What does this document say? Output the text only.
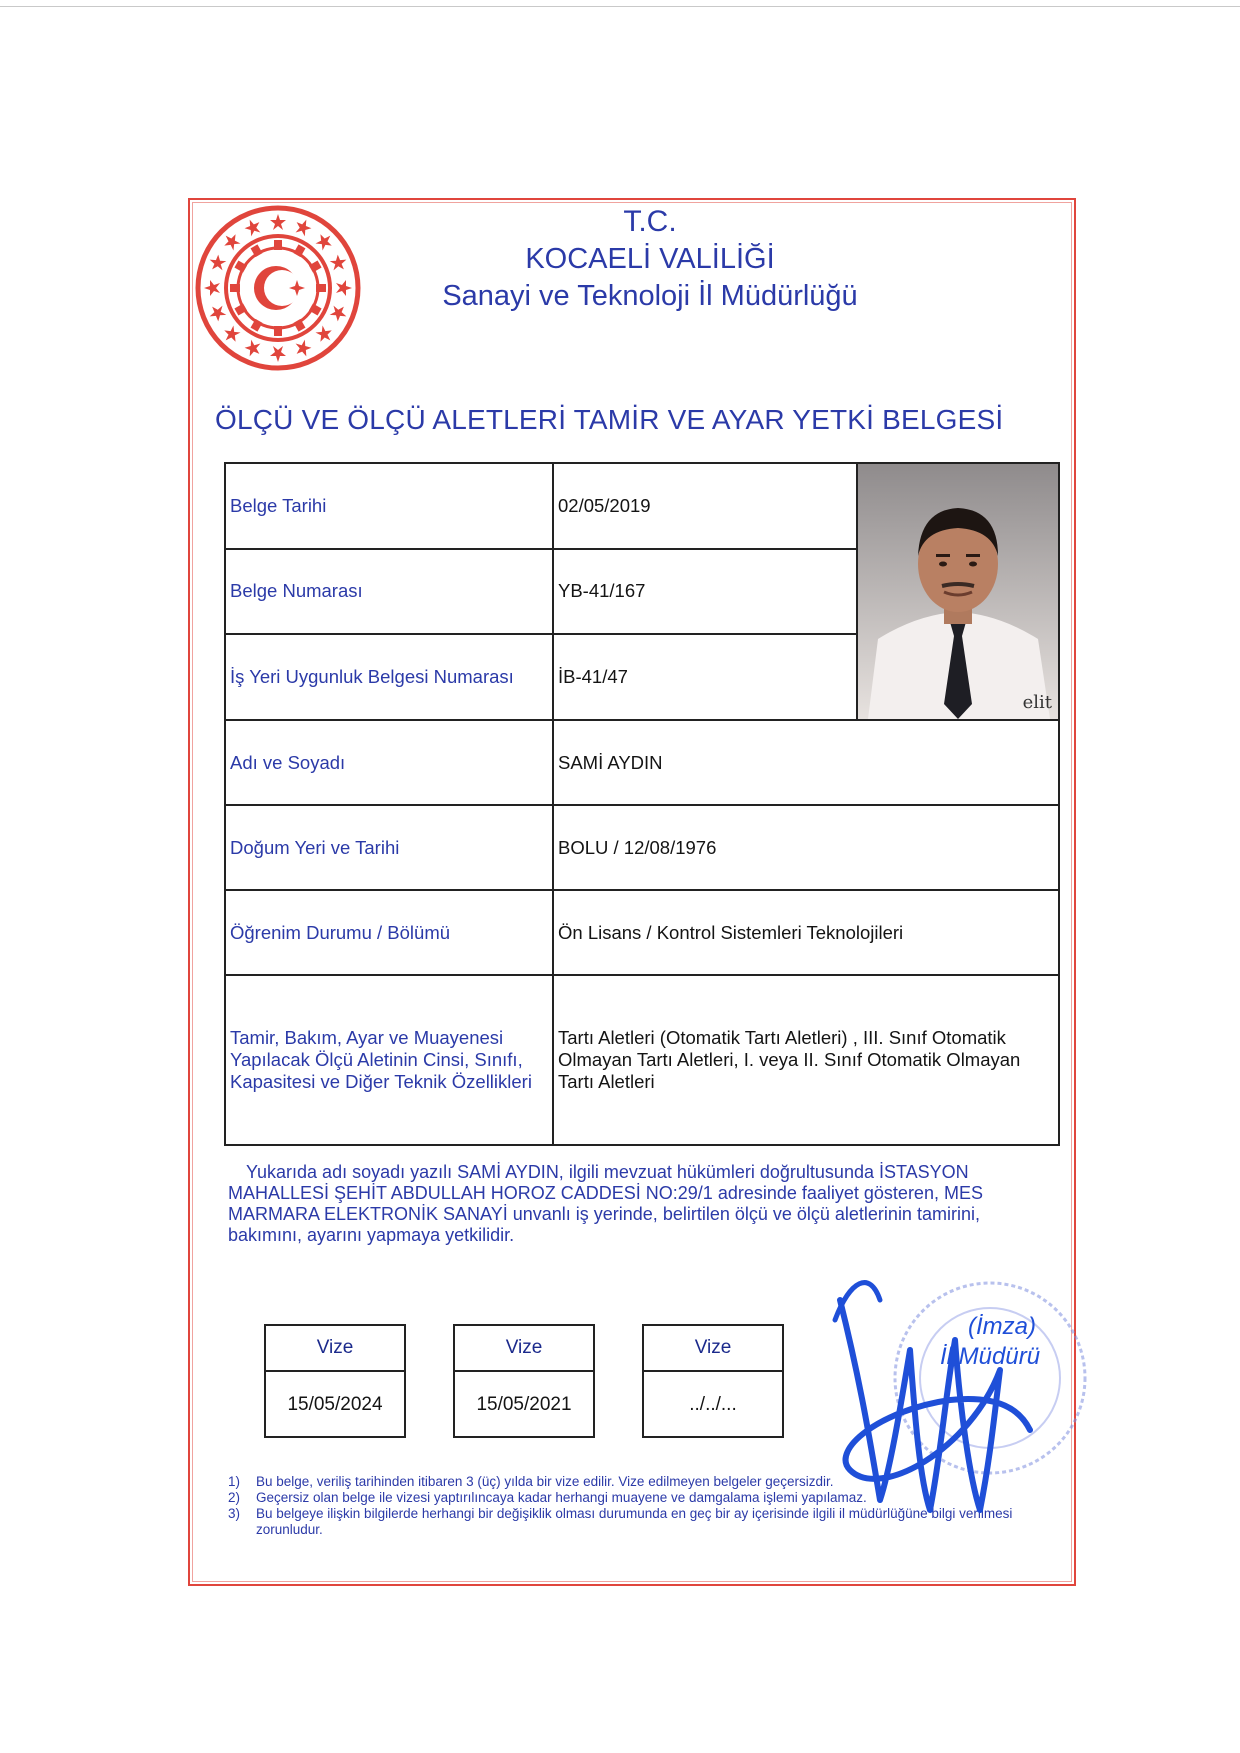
T.C.
KOCAELİ VALİLİĞİ
Sanayi ve Teknoloji İl Müdürlüğü
ÖLÇÜ VE ÖLÇÜ ALETLERİ TAMİR VE AYAR YETKİ BELGESİ
Belge Tarihi	02/05/2019	elit

Belge Numarası	YB-41/167	
İş Yeri Uygunluk Belgesi Numarası	İB-41/47	
Adı ve Soyadı	SAMİ AYDIN	
Doğum Yeri ve Tarihi	BOLU / 12/08/1976	
Öğrenim Durumu / Bölümü	Ön Lisans / Kontrol Sistemleri Teknolojileri	
Tamir, Bakım, Ayar ve Muayenesi Yapılacak Ölçü Aletinin Cinsi, Sınıfı, Kapasitesi ve Diğer Teknik Özellikleri	Tartı Aletleri (Otomatik Tartı Aletleri) , III. Sınıf Otomatik Olmayan Tartı Aletleri, I. veya II. Sınıf Otomatik Olmayan Tartı Aletleri	
Yukarıda adı soyadı yazılı SAMİ AYDIN, ilgili mevzuat hükümleri doğrultusunda İSTASYON MAHALLESİ ŞEHİT ABDULLAH HOROZ CADDESİ NO:29/1 adresinde faaliyet gösteren, MES MARMARA ELEKTRONİK SANAYİ unvanlı iş yerinde, belirtilen ölçü ve ölçü aletlerinin tamirini, bakımını, ayarını yapmaya yetkilidir.
Vize
15/05/2024
Vize
15/05/2021
Vize
../../...
1)	Bu belge, veriliş tarihinden itibaren 3 (üç) yılda bir vize edilir. Vize edilmeyen belgeler geçersizdir.
2)	Geçersiz olan belge ile vizesi yaptırılıncaya kadar herhangi muayene ve damgalama işlemi yapılamaz.
3)	Bu belgeye ilişkin bilgilerde herhangi bir değişiklik olması durumunda en geç bir ay içerisinde ilgili il müdürlüğüne bilgi verilmesi zorunludur.
(İmza)
İl Müdürü
